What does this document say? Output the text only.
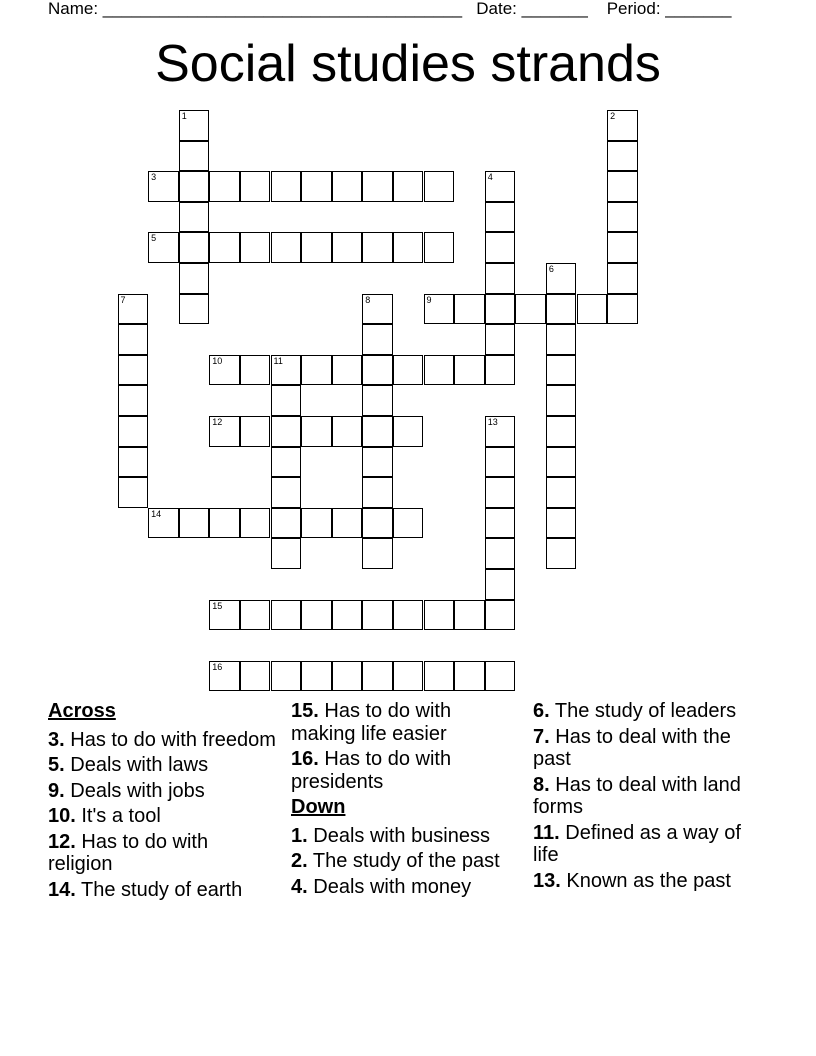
Name: ______________________________________ Date: _______ Period: _______
Social studies strands
1	2
3	4
5
6
7	8	9
10	11
12	13
14
15
16
Across
3. Has to do with freedom
5. Deals with laws
9. Deals with jobs
10. It's a tool
12. Has to do with religion
14. The study of earth
15. Has to do with making life easier
16. Has to do with presidents
Down
1. Deals with business
2. The study of the past
4. Deals with money
6. The study of leaders
7. Has to deal with the past
8. Has to deal with land forms
11. Defined as a way of life
13. Known as the past
